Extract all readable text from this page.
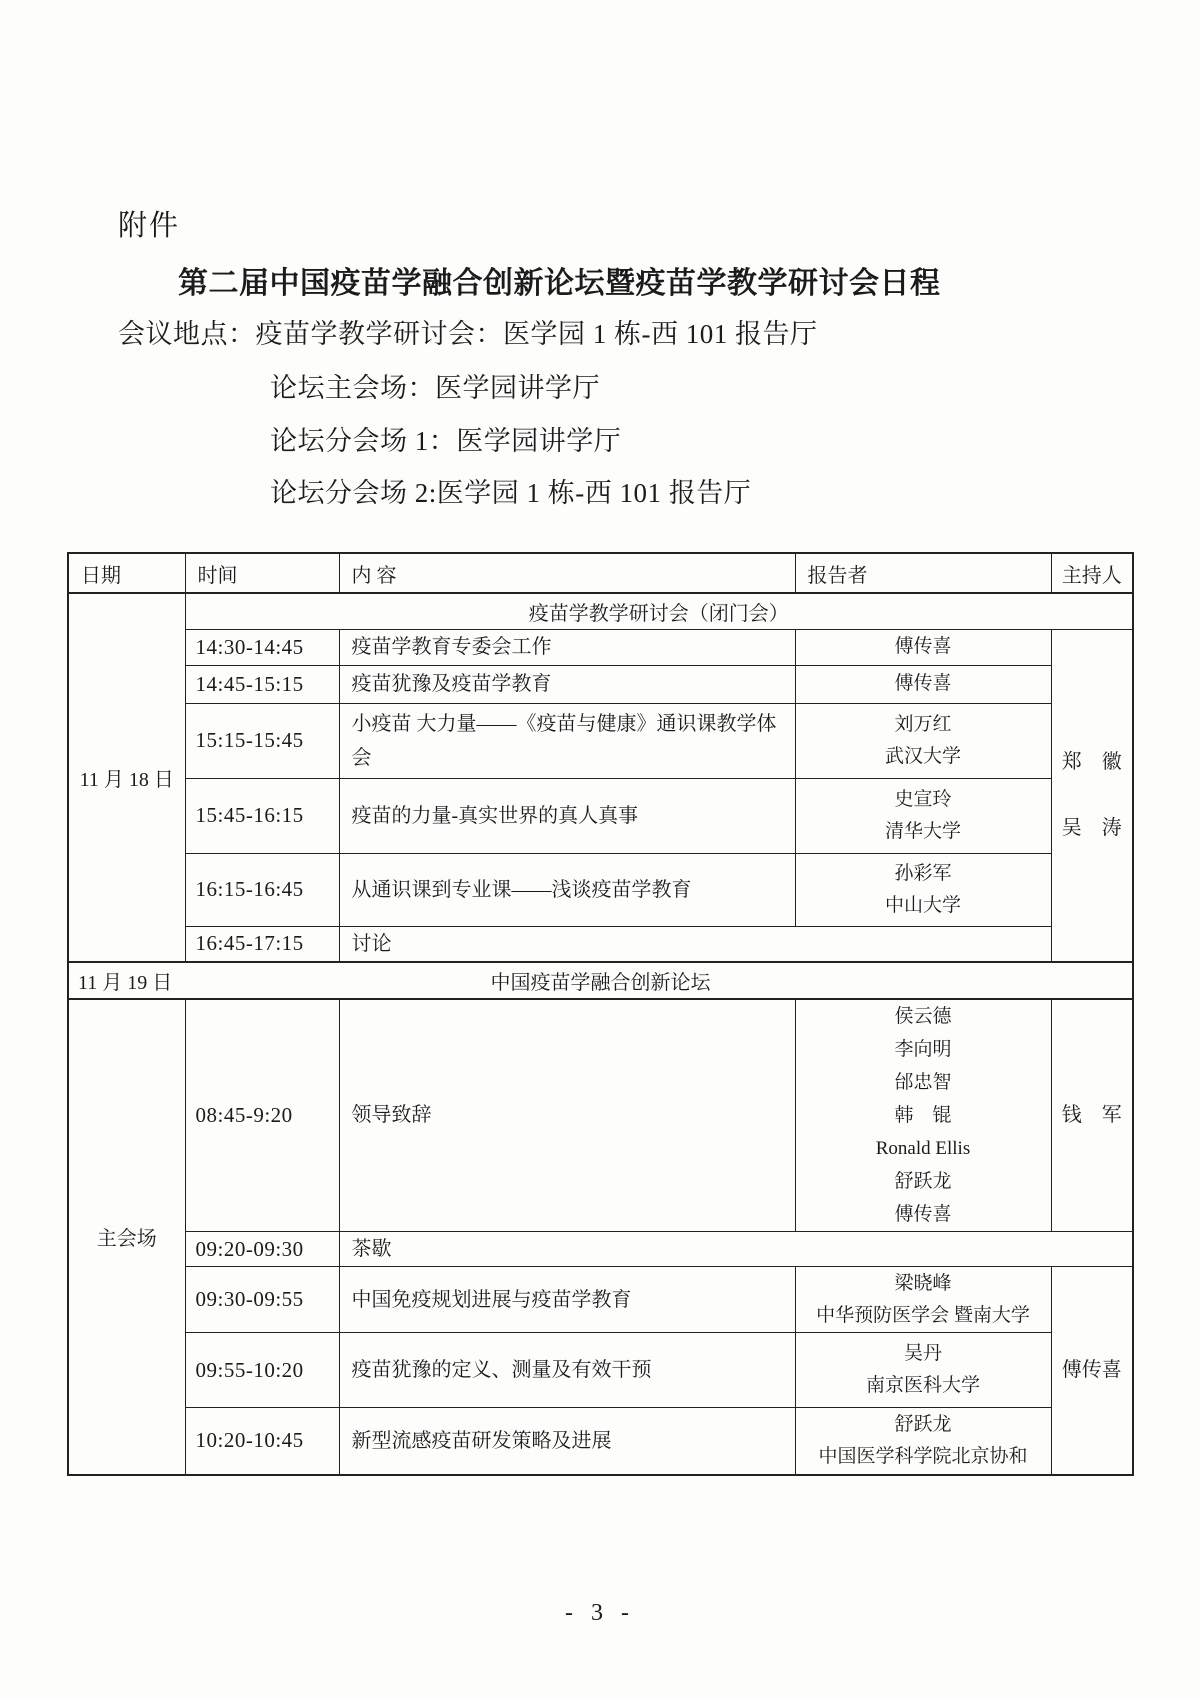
附件
第二届中国疫苗学融合创新论坛暨疫苗学教学研讨会日程
会议地点：疫苗学教学研讨会：医学园 1 栋-西 101 报告厅
论坛主会场：医学园讲学厅
论坛分会场 1：医学园讲学厅
论坛分会场 2:医学园 1 栋-西 101 报告厅
日期	时间	内 容	报告者	主持人
11 月 18 日	疫苗学教学研讨会（闭门会）			
	14:30-14:45	疫苗学教育专委会工作	傅传喜	郑　徽

吴　涛
	14:45-15:15	疫苗犹豫及疫苗学教育	傅传喜	
	15:15-15:45	小疫苗 大力量——《疫苗与健康》通识课教学体会	刘万红
武汉大学	
	15:45-16:15	疫苗的力量-真实世界的真人真事	史宣玲
清华大学	
	16:15-16:45	从通识课到专业课——浅谈疫苗学教育	孙彩军
中山大学	
	16:45-17:15	讨论		

11 月 19 日 中国疫苗学融合创新论坛				

主会场	08:45-9:20	领导致辞	侯云德
李向明
邰忠智
韩　锟
Ronald Ellis
舒跃龙
傅传喜	钱　军
	09:20-09:30	茶歇		
	09:30-09:55	中国免疫规划进展与疫苗学教育	梁晓峰
中华预防医学会 暨南大学	傅传喜
	09:55-10:20	疫苗犹豫的定义、测量及有效干预	吴丹
南京医科大学	
	10:20-10:45	新型流感疫苗研发策略及进展	舒跃龙
中国医学科学院北京协和	
- 3 -
